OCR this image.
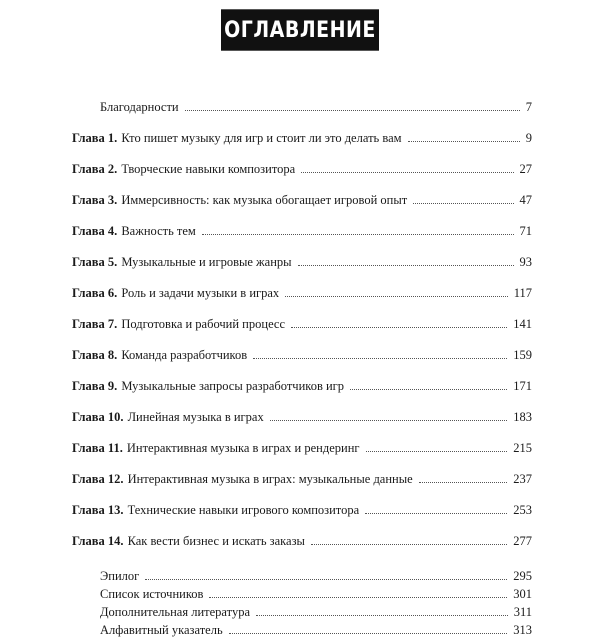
ОГЛАВЛЕНИЕ
Благодарности	7
Глава 1. Кто пишет музыку для игр и стоит ли это делать вам	9
Глава 2. Творческие навыки композитора	27
Глава 3. Иммерсивность: как музыка обогащает игровой опыт	47
Глава 4. Важность тем	71
Глава 5. Музыкальные и игровые жанры	93
Глава 6. Роль и задачи музыки в играх	117
Глава 7. Подготовка и рабочий процесс	141
Глава 8. Команда разработчиков	159
Глава 9. Музыкальные запросы разработчиков игр	171
Глава 10. Линейная музыка в играх	183
Глава 11. Интерактивная музыка в играх и рендеринг	215
Глава 12. Интерактивная музыка в играх: музыкальные данные	237
Глава 13. Технические навыки игрового композитора	253
Глава 14. Как вести бизнес и искать заказы	277
Эпилог	295
Список источников	301
Дополнительная литература	311
Алфавитный указатель	313
